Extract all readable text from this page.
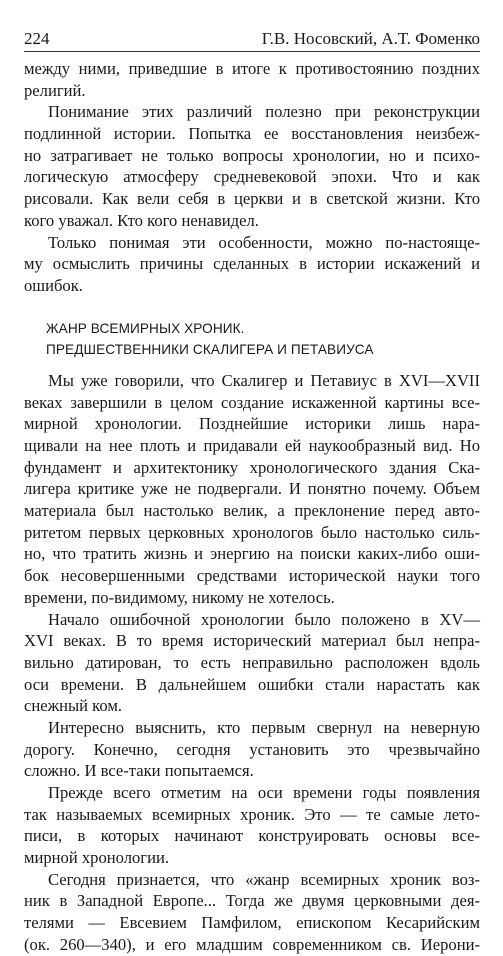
224	Г.В. Носовский, А.Т. Фоменко
между ними, приведшие в итоге к противостоянию поздних
религий.
Понимание этих различий полезно при реконструкции
подлинной истории. Попытка ее восстановления неизбеж-
но затрагивает не только вопросы хронологии, но и психо-
логическую атмосферу средневековой эпохи. Что и как
рисовали. Как вели себя в церкви и в светской жизни. Кто
кого уважал. Кто кого ненавидел.
Только понимая эти особенности, можно по-настояще-
му осмыслить причины сделанных в истории искажений и
ошибок.
ЖАНР ВСЕМИРНЫХ ХРОНИК.
ПРЕДШЕСТВЕННИКИ СКАЛИГЕРА И ПЕТАВИУСА
Мы уже говорили, что Скалигер и Петавиус в XVI—XVII
веках завершили в целом создание искаженной картины все-
мирной хронологии. Позднейшие историки лишь нара-
щивали на нее плоть и придавали ей наукообразный вид. Но
фундамент и архитектонику хронологического здания Ска-
лигера критике уже не подвергали. И понятно почему. Объем
материала был настолько велик, а преклонение перед авто-
ритетом первых церковных хронологов было настолько силь-
но, что тратить жизнь и энергию на поиски каких-либо оши-
бок несовершенными средствами исторической науки того
времени, по-видимому, никому не хотелось.
Начало ошибочной хронологии было положено в XV—
XVI веках. В то время исторический материал был непра-
вильно датирован, то есть неправильно расположен вдоль
оси времени. В дальнейшем ошибки стали нарастать как
снежный ком.
Интересно выяснить, кто первым свернул на неверную
дорогу. Конечно, сегодня установить это чрезвычайно
сложно. И все-таки попытаемся.
Прежде всего отметим на оси времени годы появления
так называемых всемирных хроник. Это — те самые лето-
писи, в которых начинают конструировать основы все-
мирной хронологии.
Сегодня признается, что «жанр всемирных хроник воз-
ник в Западной Европе... Тогда же двумя церковными дея-
телями — Евсевием Памфилом, епископом Кесарийским
(ок. 260—340), и его младшим современником св. Иерони-
